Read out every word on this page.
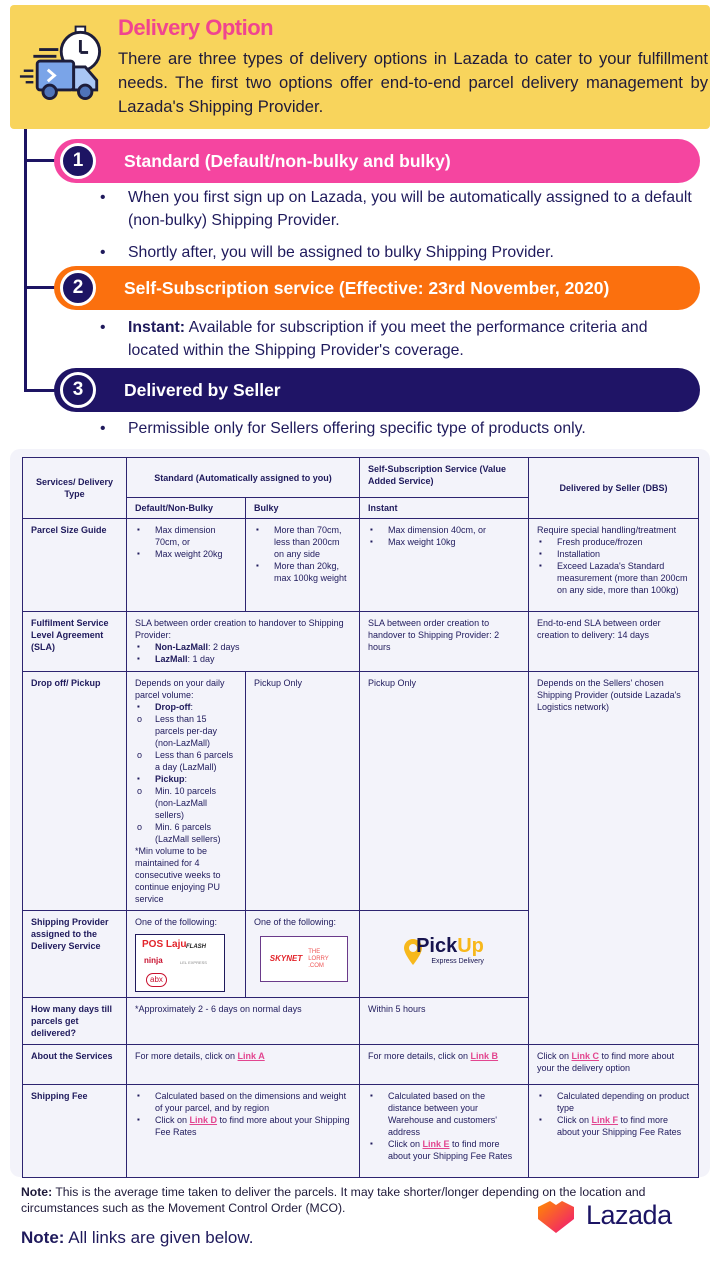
Delivery Option
There are three types of delivery options in Lazada to cater to your fulfillment needs. The first two options offer end-to-end parcel delivery management by Lazada's Shipping Provider.
1	Standard (Default/non-bulky and bulky)
• When you first sign up on Lazada, you will be automatically assigned to a default (non-bulky) Shipping Provider.
• Shortly after, you will be assigned to bulky Shipping Provider.
2	Self-Subscription service (Effective: 23rd November, 2020)
• Instant: Available for subscription if you meet the performance criteria and located within the Shipping Provider's coverage.
3	Delivered by Seller
• Permissible only for Sellers offering specific type of products only.
Services/ Delivery Type	Standard (Automatically assigned to you)		Self-Subscription Service (Value Added Service)	Delivered by Seller (DBS)
	Default/Non-Bulky	Bulky	Instant	
Parcel Size Guide	
▪Max dimension 70cm, or
▪ Max weight 20kg

▪ More than 70cm, less than 200cm on any side
▪ More than 20kg, max 100kg weight

▪ Max dimension 40cm, or
▪ Max weight 10kg

Require special handling/treatment
▪ Fresh produce/frozen
▪ Installation
▪ Exceed Lazada's Standard measurement (more than 200cm on any side, more than 100kg)

Fulfilment Service Level Agreement (SLA)	
SLA between order creation to handover to Shipping Provider:
▪ Non-LazMall: 2 days
▪ LazMall: 1 day
	SLA between order creation to handover to Shipping Provider: 2 hours	End-to-end SLA between order creation to delivery: 14 days
Drop off/ Pickup	Depends on your daily parcel volume:
▪ Drop-off:
o Less than 15 parcels per-day (non-LazMall)
o Less than 6 parcels a day (LazMall)
▪ Pickup:
o Min. 10 parcels (non-LazMall sellers)
o Min. 6 parcels (LazMall sellers)
*Min volume to be maintained for 4 consecutive weeks to continue enjoying PU service
	Pickup Only	Pickup Only	Depends on the Sellers' chosen Shipping Provider (outside Lazada's Logistics network)
Shipping Provider assigned to the Delivery Service	
One of the following:
POS Laju FLASH
ninja	LEL EXPRESS
abx

One of the following:
SKYNET
THE LORRY .COM

PickUp
Express Delivery

How many days till parcels get delivered?	*Approximately 2 - 6 days on normal days		Within 5 hours	
About the Services	For more details, click on Link A		For more details, click on Link B	Click on Link C to find more about your the delivery option
Shipping Fee	
▪Calculated based on the dimensions and weight of your parcel, and by region
▪ Click on Link D to find more about your Shipping Fee Rates

▪ Calculated based on the distance between your Warehouse and customers' address
▪ Click on Link E to find more about your Shipping Fee Rates

▪ Calculated depending on product type
▪ Click on Link F to find more about your Shipping Fee Rates
Note: This is the average time taken to deliver the parcels. It may take shorter/longer depending on the location and circumstances such as the Movement Control Order (MCO).
Note: All links are given below.
Lazada
